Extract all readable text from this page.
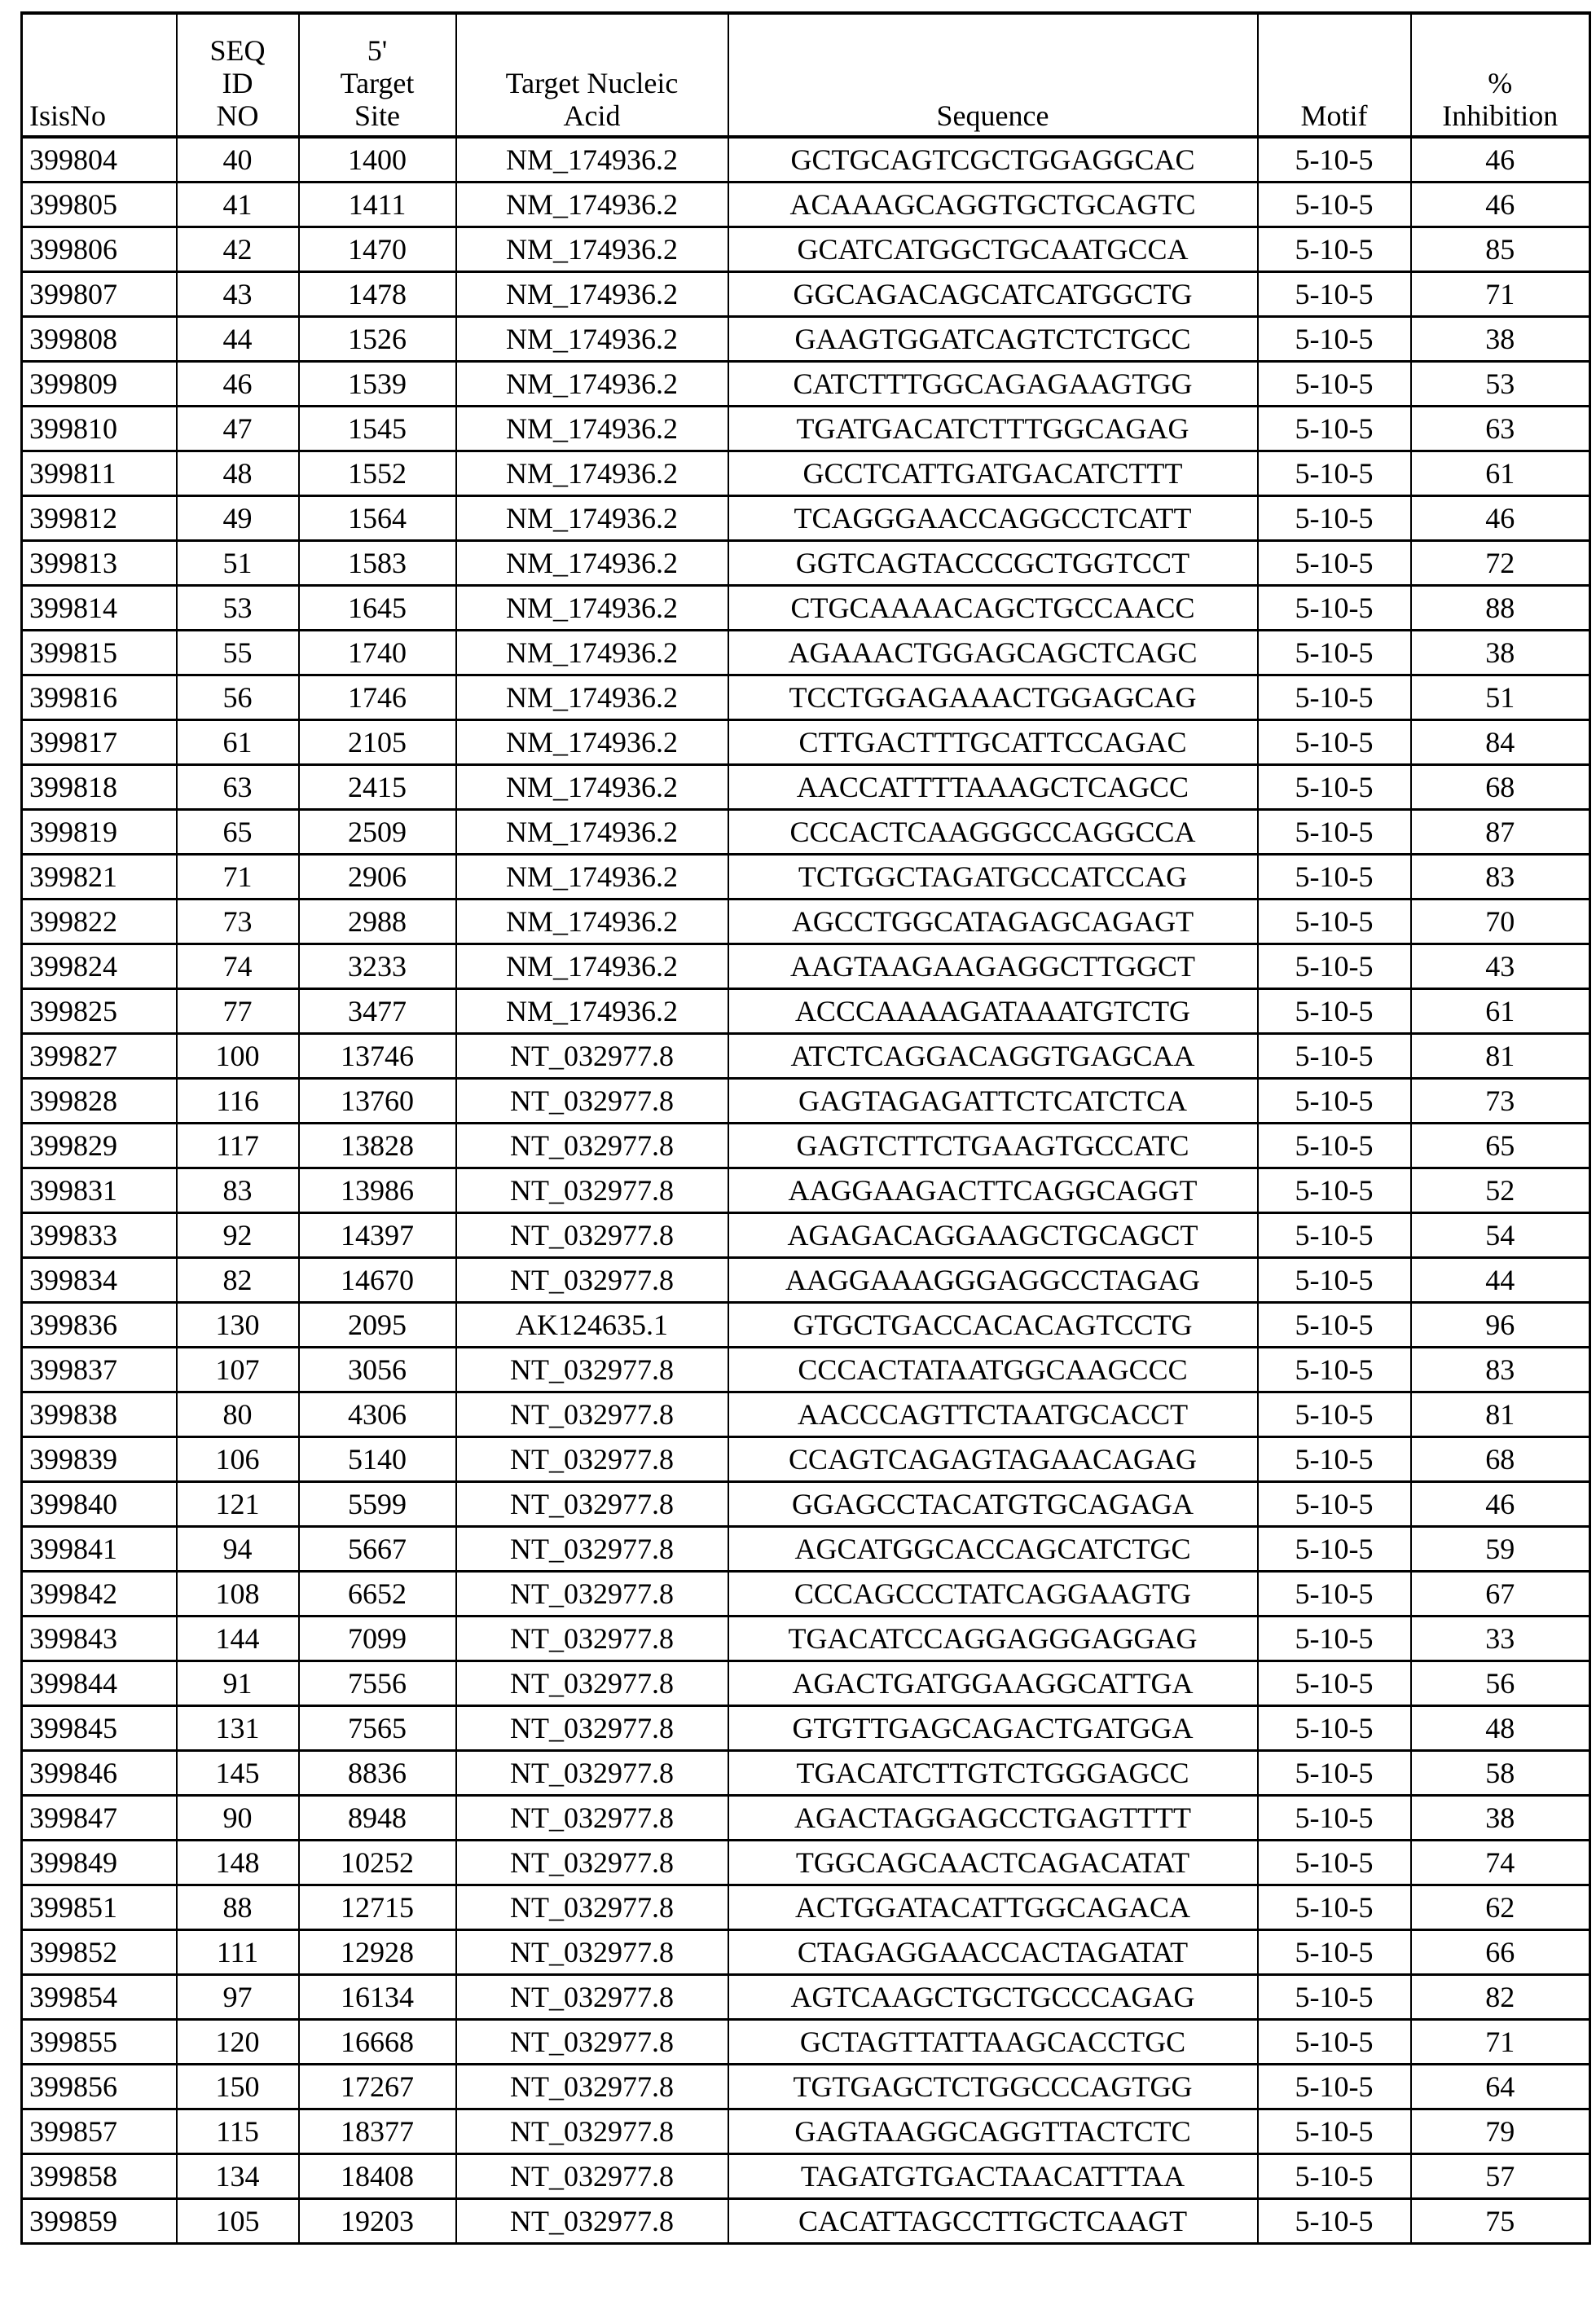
IsisNo

SEQ
ID
NO

5'
Target
Site

Target Nucleic
Acid	Sequence	Motif

%
Inhibition

399804	40	1400	NM_174936.2	GCTGCAGTCGCTGGAGGCAC	5-10-5	46
399805	41	1411	NM_174936.2	ACAAAGCAGGTGCTGCAGTC	5-10-5	46
399806	42	1470	NM_174936.2	GCATCATGGCTGCAATGCCA	5-10-5	85
399807	43	1478	NM_174936.2	GGCAGACAGCATCATGGCTG	5-10-5	71
399808	44	1526	NM_174936.2	GAAGTGGATCAGTCTCTGCC	5-10-5	38
399809	46	1539	NM_174936.2	CATCTTTGGCAGAGAAGTGG	5-10-5	53
399810	47	1545	NM_174936.2	TGATGACATCTTTGGCAGAG	5-10-5	63
399811	48	1552	NM_174936.2	GCCTCATTGATGACATCTTT	5-10-5	61
399812	49	1564	NM_174936.2	TCAGGGAACCAGGCCTCATT	5-10-5	46
399813	51	1583	NM_174936.2	GGTCAGTACCCGCTGGTCCT	5-10-5	72
399814	53	1645	NM_174936.2	CTGCAAAACAGCTGCCAACC	5-10-5	88
399815	55	1740	NM_174936.2	AGAAACTGGAGCAGCTCAGC	5-10-5	38
399816	56	1746	NM_174936.2	TCCTGGAGAAACTGGAGCAG	5-10-5	51
399817	61	2105	NM_174936.2	CTTGACTTTGCATTCCAGAC	5-10-5	84
399818	63	2415	NM_174936.2	AACCATTTTAAAGCTCAGCC	5-10-5	68
399819	65	2509	NM_174936.2	CCCACTCAAGGGCCAGGCCA	5-10-5	87
399821	71	2906	NM_174936.2	TCTGGCTAGATGCCATCCAG	5-10-5	83
399822	73	2988	NM_174936.2	AGCCTGGCATAGAGCAGAGT	5-10-5	70
399824	74	3233	NM_174936.2	AAGTAAGAAGAGGCTTGGCT	5-10-5	43
399825	77	3477	NM_174936.2	ACCCAAAAGATAAATGTCTG	5-10-5	61
399827	100	13746	NT_032977.8	ATCTCAGGACAGGTGAGCAA	5-10-5	81
399828	116	13760	NT_032977.8	GAGTAGAGATTCTCATCTCA	5-10-5	73
399829	117	13828	NT_032977.8	GAGTCTTCTGAAGTGCCATC	5-10-5	65
399831	83	13986	NT_032977.8	AAGGAAGACTTCAGGCAGGT	5-10-5	52
399833	92	14397	NT_032977.8	AGAGACAGGAAGCTGCAGCT	5-10-5	54
399834	82	14670	NT_032977.8	AAGGAAAGGGAGGCCTAGAG	5-10-5	44
399836	130	2095	AK124635.1	GTGCTGACCACACAGTCCTG	5-10-5	96
399837	107	3056	NT_032977.8	CCCACTATAATGGCAAGCCC	5-10-5	83
399838	80	4306	NT_032977.8	AACCCAGTTCTAATGCACCT	5-10-5	81
399839	106	5140	NT_032977.8	CCAGTCAGAGTAGAACAGAG	5-10-5	68
399840	121	5599	NT_032977.8	GGAGCCTACATGTGCAGAGA	5-10-5	46
399841	94	5667	NT_032977.8	AGCATGGCACCAGCATCTGC	5-10-5	59
399842	108	6652	NT_032977.8	CCCAGCCCTATCAGGAAGTG	5-10-5	67
399843	144	7099	NT_032977.8	TGACATCCAGGAGGGAGGAG	5-10-5	33
399844	91	7556	NT_032977.8	AGACTGATGGAAGGCATTGA	5-10-5	56
399845	131	7565	NT_032977.8	GTGTTGAGCAGACTGATGGA	5-10-5	48
399846	145	8836	NT_032977.8	TGACATCTTGTCTGGGAGCC	5-10-5	58
399847	90	8948	NT_032977.8	AGACTAGGAGCCTGAGTTTT	5-10-5	38
399849	148	10252	NT_032977.8	TGGCAGCAACTCAGACATAT	5-10-5	74
399851	88	12715	NT_032977.8	ACTGGATACATTGGCAGACA	5-10-5	62
399852	111	12928	NT_032977.8	CTAGAGGAACCACTAGATAT	5-10-5	66
399854	97	16134	NT_032977.8	AGTCAAGCTGCTGCCCAGAG	5-10-5	82
399855	120	16668	NT_032977.8	GCTAGTTATTAAGCACCTGC	5-10-5	71
399856	150	17267	NT_032977.8	TGTGAGCTCTGGCCCAGTGG	5-10-5	64
399857	115	18377	NT_032977.8	GAGTAAGGCAGGTTACTCTC	5-10-5	79
399858	134	18408	NT_032977.8	TAGATGTGACTAACATTTAA	5-10-5	57
399859	105	19203	NT_032977.8	CACATTAGCCTTGCTCAAGT	5-10-5	75
